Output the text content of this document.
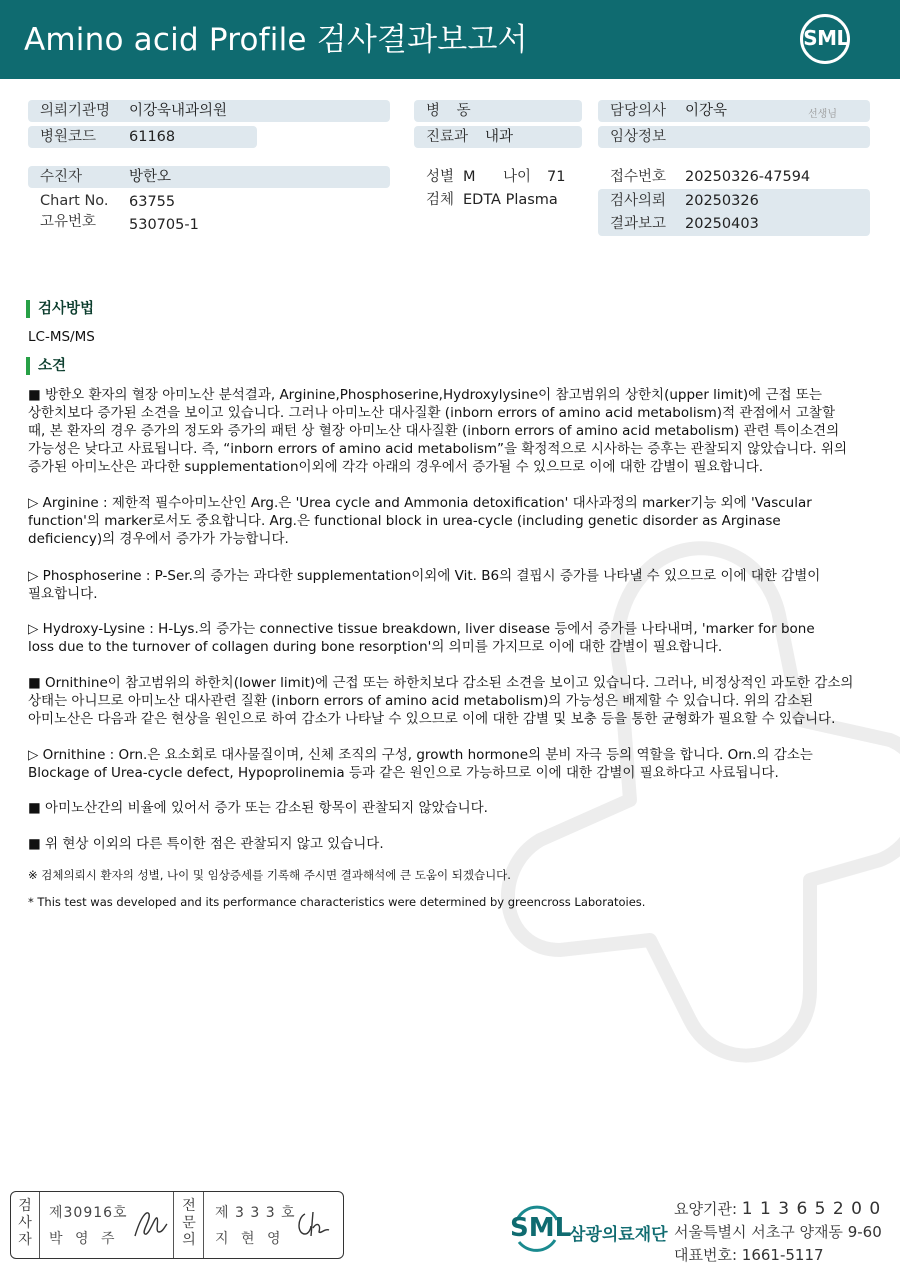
Amino acid Profile 검사결과보고서	SML
의뢰기관명 이강욱내과의원
병원코드 61168
수진자	방한오
Chart No. 63755
고유번호 530705-1
병 동
진료과 내과
성별 M 나이 71
검체 EDTA Plasma
담당의사 이강욱	선생님
임상정보
접수번호 20250326-47594
검사의뢰 20250326
결과보고 20250403
검사방법
LC-MS/MS
소견
■ 방한오 환자의 혈장 아미노산 분석결과, Arginine,Phosphoserine,Hydroxylysine이 참고범위의 상한치(upper limit)에 근접 또는
상한치보다 증가된 소견을 보이고 있습니다. 그러나 아미노산 대사질환 (inborn errors of amino acid metabolism)적 관점에서 고찰할
때, 본 환자의 경우 증가의 정도와 증가의 패턴 상 혈장 아미노산 대사질환 (inborn errors of amino acid metabolism) 관련 특이소견의
가능성은 낮다고 사료됩니다. 즉, “inborn errors of amino acid metabolism”을 확정적으로 시사하는 증후는 관찰되지 않았습니다. 위의
증가된 아미노산은 과다한 supplementation이외에 각각 아래의 경우에서 증가될 수 있으므로 이에 대한 감별이 필요합니다.
▷ Arginine : 제한적 필수아미노산인 Arg.은 'Urea cycle and Ammonia detoxification' 대사과정의 marker기능 외에 'Vascular
function'의 marker로서도 중요합니다. Arg.은 functional block in urea-cycle (including genetic disorder as Arginase
deficiency)의 경우에서 증가가 가능합니다.
▷ Phosphoserine : P-Ser.의 증가는 과다한 supplementation이외에 Vit. B6의 결핍시 증가를 나타낼 수 있으므로 이에 대한 감별이
필요합니다.
▷ Hydroxy-Lysine : H-Lys.의 증가는 connective tissue breakdown, liver disease 등에서 증가를 나타내며, 'marker for bone
loss due to the turnover of collagen during bone resorption'의 의미를 가지므로 이에 대한 감별이 필요합니다.
■ Ornithine이 참고범위의 하한치(lower limit)에 근접 또는 하한치보다 감소된 소견을 보이고 있습니다. 그러나, 비정상적인 과도한 감소의
상태는 아니므로 아미노산 대사관련 질환 (inborn errors of amino acid metabolism)의 가능성은 배제할 수 있습니다. 위의 감소된
아미노산은 다음과 같은 현상을 원인으로 하여 감소가 나타날 수 있으므로 이에 대한 감별 및 보충 등을 통한 균형화가 필요할 수 있습니다.
▷ Ornithine : Orn.은 요소회로 대사물질이며, 신체 조직의 구성, growth hormone의 분비 자극 등의 역할을 합니다. Orn.의 감소는
Blockage of Urea-cycle defect, Hypoprolinemia 등과 같은 원인으로 가능하므로 이에 대한 감별이 필요하다고 사료됩니다.
■ 아미노산간의 비율에 있어서 증가 또는 감소된 항목이 관찰되지 않았습니다.
■ 위 현상 이외의 다른 특이한 점은 관찰되지 않고 있습니다.
※ 검체의뢰시 환자의 성별, 나이 및 임상증세를 기록해 주시면 결과해석에 큰 도움이 되겠습니다.
* This test was developed and its performance characteristics were determined by greencross Laboratoies.
검
사
자
제30916호
박 영 주
전
문
의
제 3 3 3 호
지 현 영	SML
삼광의료재단
요양기관: 1 1 3 6 5 2 0 0
서울특별시 서초구 양재동 9-60
대표번호: 1661-5117
